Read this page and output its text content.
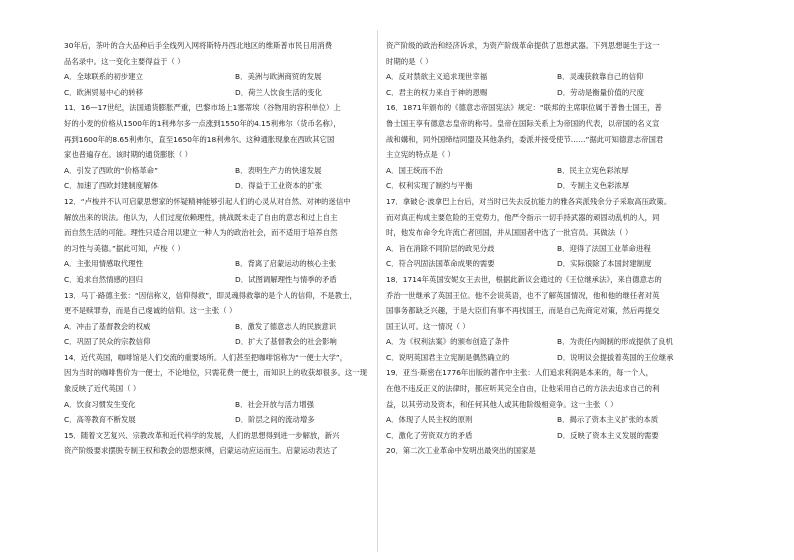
30年后，茶叶的合大品种后手全线列入网将斯特丹西北地区的维斯普市民日用消费
品名录中。这一变化主要得益于（ ）
A．全球联系的初步建立	B．美洲与欧洲商贸的发展
C．欧洲贸易中心的转移	D．荷兰人饮食生活的变化
11．16—17世纪，法国通货膨胀严重，巴黎市场上1塞蒂埃（谷物用的容积单位）上
好的小麦的价格从1500年的1利弗尔多一点涨到1550年的4.15利弗尔（货币名称），
再到1600年的8.65利弗尔，直至1650年的18利弗尔。这种通胀现象在西欧其它国
家也普遍存在。该时期的通货膨胀（ ）
A．引发了西欧的“价格革命”	B．表明生产力的快速发展
C．加速了西欧封建制度解体	D．得益于工业资本的扩张
12．“卢梭并不认可启蒙思想家的怀疑精神能够引起人们的心灵从对自然、对神的迷信中
解放出来的说法。他认为，人们过度依赖理性，挑战既未走了自由的意志和过上自主
而自然生活的可能。理性只适合用以建立一种人为的政治社会，而不适用于培养自然
的习性与美德。”据此可知，卢梭（ ）
A．主张用情感取代理性	B．背离了启蒙运动的核心主张
C．追求自然情感的回归	D．试图调解理性与情季的矛盾
13．马丁·路德主张：“因信称义，信仰得救”，即灵魂得救靠的是个人的信仰，不是教士，
更不是赎罪券，而是自己虔诚的信仰。这一主张（ ）
A．冲击了基督教会的权威	B．激发了德意志人的民族意识
C．巩固了民众的宗教信仰	D．扩大了基督教会的社会影响
14．近代英国，咖啡馆是人们交流的重要场所。人们甚至把咖啡馆称为“一便士大学”，
因为当时的咖啡售价为一便士，不论地位，只需花费一便士，而知识上的收获却很多。这一现
象反映了近代英国（ ）
A．饮食习惯发生变化	B．社会开放与活力增强
C．高等教育不断发展	D．阶层之间的流动增多
15．随着文艺复兴、宗教改革和近代科学的发展，人们的思想得到进一步解放，新兴
资产阶级要求摆脱专制王权和教会的思想束缚，启蒙运动应运而生。启蒙运动表达了
资产阶级的政治和经济诉求，为资产阶级革命提供了思想武器。下列思想诞生于这一
时期的是（ ）
A．反对禁欲主义追求现世幸福	B．灵魂获救靠自己的信仰
C．君主的权力来自于神的恩赐	D．劳动是衡量价值的尺度
16．1871年颁布的《德意志帝国宪法》规定：“联邦的主席职位属于普鲁士国王，普
鲁士国王享有德意志皇帝的称号。皇帝在国际关系上为帝国的代表，以帝国的名义宣
战和媾和，同外国缔结同盟及其他条约，委派并接受使节……”据此可知德意志帝国君
主立宪的特点是（ ）
A．国王统而不治	B．民主立宪色彩浓厚
C．权利实现了制约与平衡	D．专制主义色彩浓厚
17．拿破仑·波拿巴上台后，对当时已失去反抗能力的雅各宾派残余分子采取高压政策。
而对真正构成主要危险的王党势力，他严令指示一切手持武器的顽固动乱机的人，同
时，他发布命令允许流亡者回国，并从国国者中选了一批官员。其做法（ ）
A．旨在消除不同阶层的政见分歧	B．迎得了法国工业革命进程
C．符合巩固法国革命成果的需要	D．实际很除了本国封建制度
18．1714年英国安妮女王去世，根据此新议会通过的《王位继承法》，来自德意志的
乔治一世继承了英国王位。他不会说英语，也不了解英国情况，他和他的继任者对英
国事务都缺乏兴趣，于是大臣们有事不再找国王，而是自己先商定对策，然后再提交
国王认可。这一情况（ ）
A．为《权利法案》的颁布创造了条件	B．为责任内阁制的形成提供了良机
C．说明英国君主立宪制是偶然确立的	D．说明议会提拔着英国的王位继承
19．亚当·斯密在1776年出版的著作中主张：人们追求利润是本来的，每一个人，
在他不违反正义的法律时，都应听其完全自由，让他采用自己的方法去追求自己的利
益，以其劳动及资本，和任何其他人或其他阶级相竞争。这一主张（ ）
A．体现了人民主权的原则	B．揭示了资本主义扩张的本质
C．激化了劳资双方的矛盾	D．反映了资本主义发展的需要
20．第二次工业革命中发明出最突出的国家是
